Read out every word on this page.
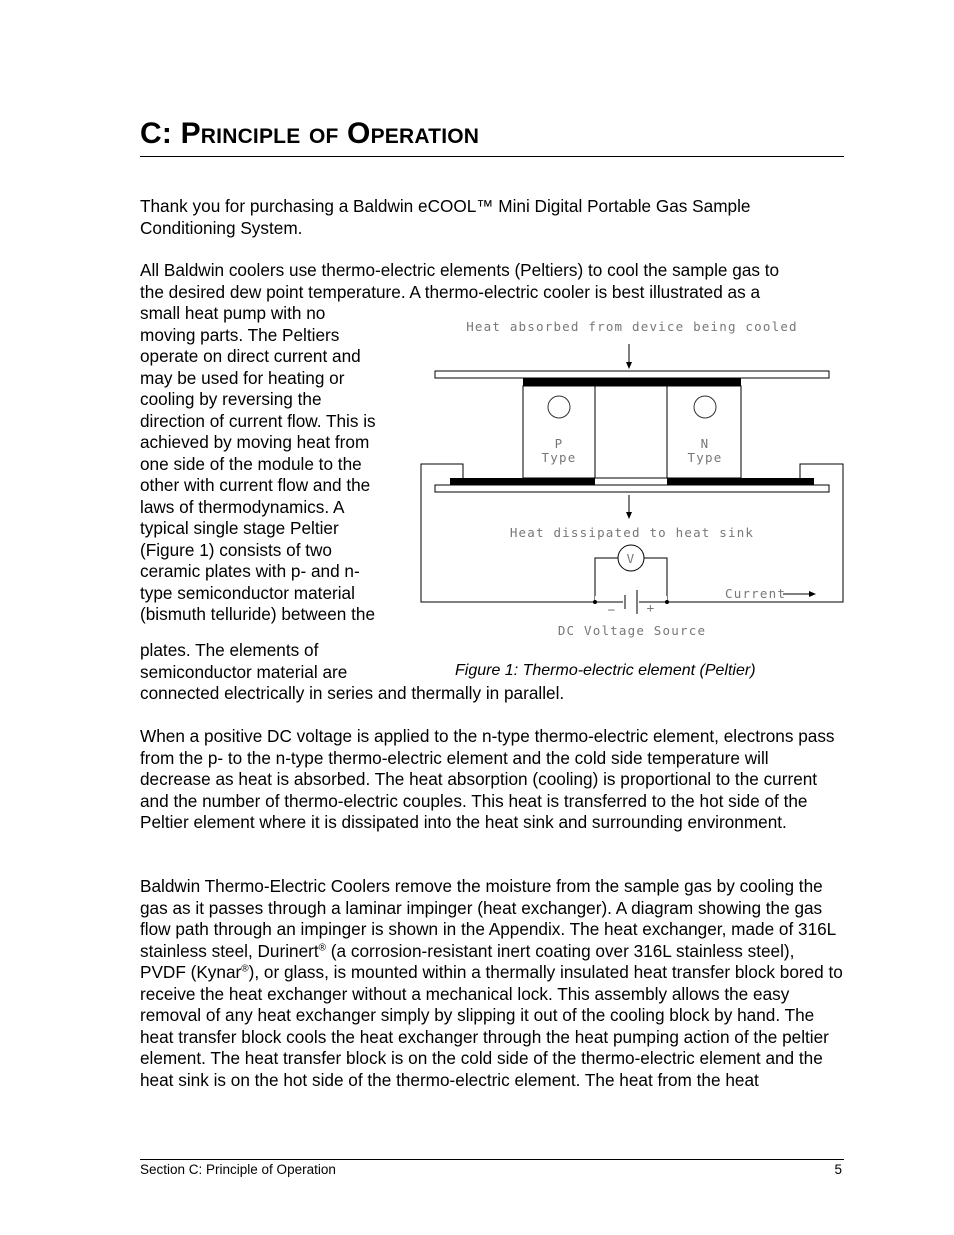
C: Principle of Operation

Thank you for purchasing a Baldwin eCOOL™ Mini Digital Portable Gas Sample Conditioning System.

All Baldwin coolers use thermo-electric elements (Peltiers) to cool the sample gas to

the desired dew point temperature. A thermo-electric cooler is best illustrated as a

small heat pump with no

moving parts. The Peltiers

operate on direct current and

may be used for heating or

cooling by reversing the

direction of current flow. This is

achieved by moving heat from

one side of the module to the

other with current flow and the

laws of thermodynamics. A

typical single stage Peltier

(Figure 1) consists of two

ceramic plates with p- and n-

type semiconductor material

(bismuth telluride) between the

plates. The elements of

semiconductor material are

connected electrically in series and thermally in parallel.

Heat absorbed from device being cooled
P
Type
N
Type
Heat dissipated to heat sink
V
− +
Current
DC Voltage Source

Figure 1: Thermo-electric element (Peltier)

When a positive DC voltage is applied to the n-type thermo-electric element, electrons pass from the p- to the n-type thermo-electric element and the cold side temperature will decrease as heat is absorbed. The heat absorption (cooling) is proportional to the current and the number of thermo-electric couples. This heat is transferred to the hot side of the Peltier element where it is dissipated into the heat sink and surrounding environment.

Baldwin Thermo-Electric Coolers remove the moisture from the sample gas by cooling the gas as it passes through a laminar impinger (heat exchanger). A diagram showing the gas flow path through an impinger is shown in the Appendix. The heat exchanger, made of 316L stainless steel, Durinert® (a corrosion-resistant inert coating over 316L stainless steel), PVDF (Kynar®), or glass, is mounted within a thermally insulated heat transfer block bored to receive the heat exchanger without a mechanical lock. This assembly allows the easy removal of any heat exchanger simply by slipping it out of the cooling block by hand. The heat transfer block cools the heat exchanger through the heat pumping action of the peltier element. The heat transfer block is on the cold side of the thermo-electric element and the heat sink is on the hot side of the thermo-electric element. The heat from the heat

Section C: Principle of Operation	5
